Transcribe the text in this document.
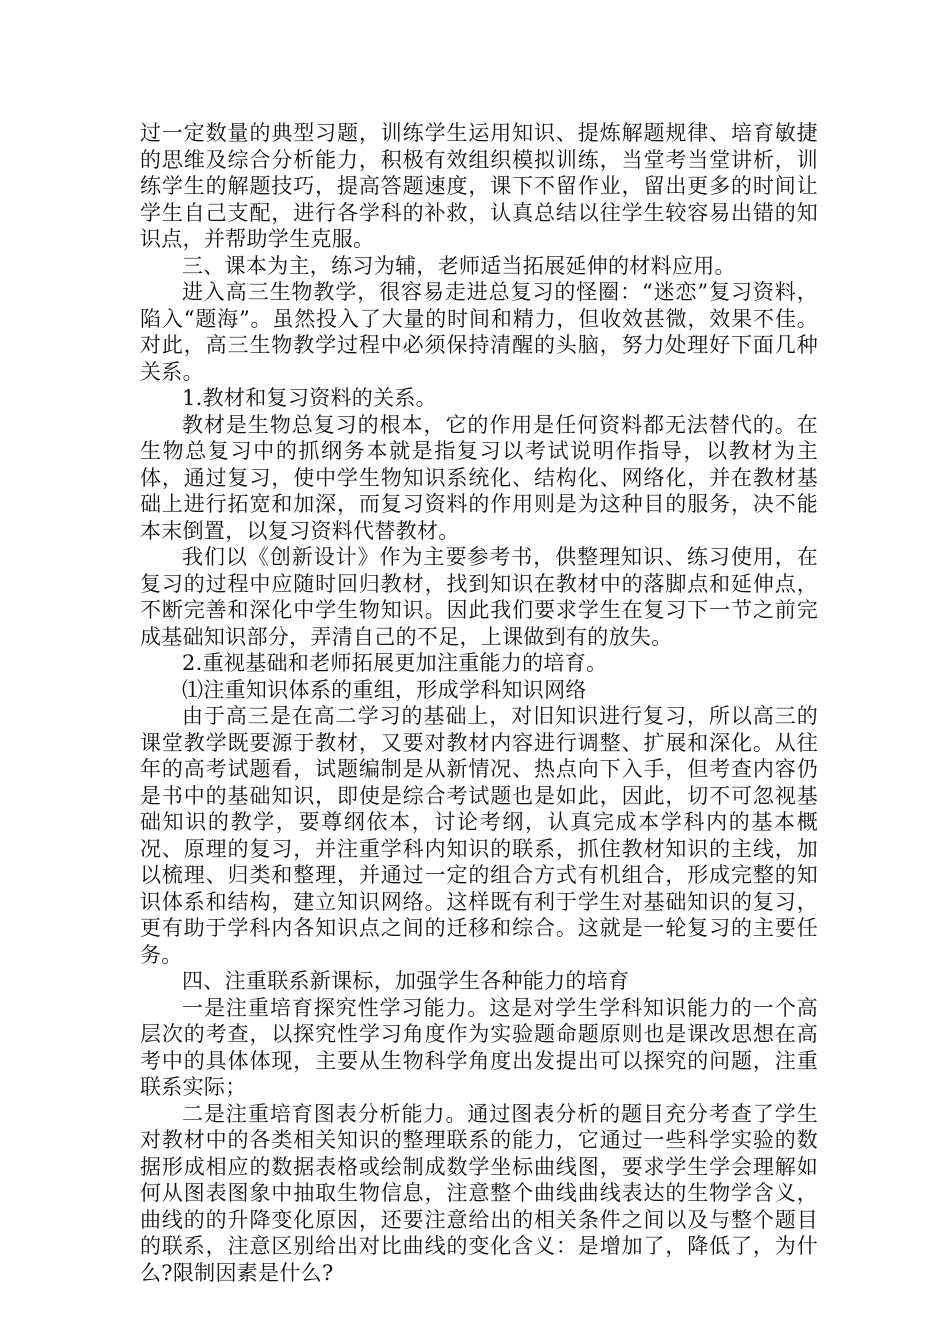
过一定数量的典型习题，训练学生运用知识、提炼解题规律、培育敏捷的思维及综合分析能力，积极有效组织模拟训练，当堂考当堂讲析，训练学生的解题技巧，提高答题速度，课下不留作业，留出更多的时间让学生自己支配，进行各学科的补救，认真总结以往学生较容易出错的知识点，并帮助学生克服。

三、课本为主，练习为辅，老师适当拓展延伸的材料应用。

进入高三生物教学，很容易走进总复习的怪圈：“迷恋”复习资料，陷入“题海”。虽然投入了大量的时间和精力，但收效甚微，效果不佳。对此，高三生物教学过程中必须保持清醒的头脑，努力处理好下面几种关系。

1.教材和复习资料的关系。

教材是生物总复习的根本，它的作用是任何资料都无法替代的。在生物总复习中的抓纲务本就是指复习以考试说明作指导，以教材为主体，通过复习，使中学生物知识系统化、结构化、网络化，并在教材基础上进行拓宽和加深，而复习资料的作用则是为这种目的服务，决不能本末倒置，以复习资料代替教材。

我们以《创新设计》作为主要参考书，供整理知识、练习使用，在复习的过程中应随时回归教材，找到知识在教材中的落脚点和延伸点，不断完善和深化中学生物知识。因此我们要求学生在复习下一节之前完成基础知识部分，弄清自己的不足，上课做到有的放失。

2.重视基础和老师拓展更加注重能力的培育。

⑴注重知识体系的重组，形成学科知识网络

由于高三是在高二学习的基础上，对旧知识进行复习，所以高三的课堂教学既要源于教材，又要对教材内容进行调整、扩展和深化。从往年的高考试题看，试题编制是从新情况、热点向下入手，但考查内容仍是书中的基础知识，即使是综合考试题也是如此，因此，切不可忽视基础知识的教学，要尊纲依本，讨论考纲，认真完成本学科内的基本概况、原理的复习，并注重学科内知识的联系，抓住教材知识的主线，加以梳理、归类和整理，并通过一定的组合方式有机组合，形成完整的知识体系和结构，建立知识网络。这样既有利于学生对基础知识的复习，更有助于学科内各知识点之间的迁移和综合。这就是一轮复习的主要任务。

四、注重联系新课标，加强学生各种能力的培育

一是注重培育探究性学习能力。这是对学生学科知识能力的一个高层次的考查，以探究性学习角度作为实验题命题原则也是课改思想在高考中的具体体现，主要从生物科学角度出发提出可以探究的问题，注重联系实际；

二是注重培育图表分析能力。通过图表分析的题目充分考查了学生对教材中的各类相关知识的整理联系的能力，它通过一些科学实验的数据形成相应的数据表格或绘制成数学坐标曲线图，要求学生学会理解如何从图表图象中抽取生物信息，注意整个曲线曲线表达的生物学含义，曲线的的升降变化原因，还要注意给出的相关条件之间以及与整个题目的联系，注意区别给出对比曲线的变化含义：是增加了，降低了，为什么?限制因素是什么?
